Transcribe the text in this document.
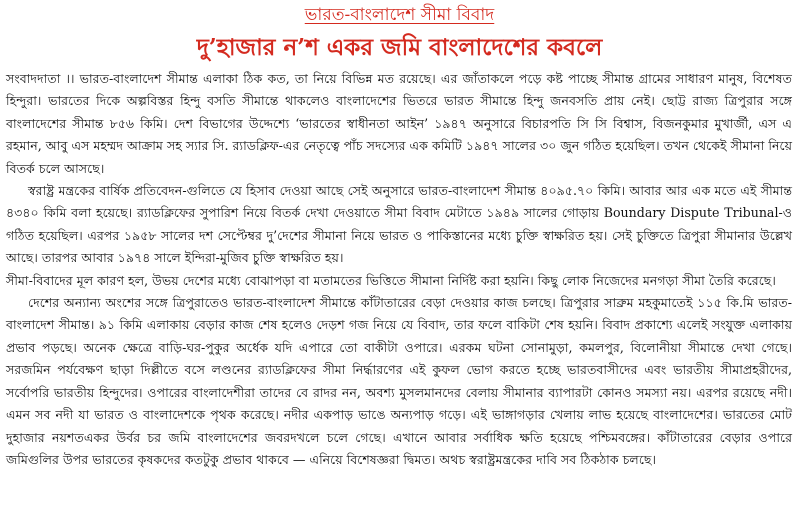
ভারত-বাংলাদেশ সীমা বিবাদ
দু’হাজার ন’শ একর জমি বাংলাদেশের কবলে

সংবাদদাতা ।। ভারত-বাংলাদেশ সীমান্ত এলাকা ঠিক কত, তা নিয়ে বিভিন্ন মত রয়েছে। এর জাঁতাকলে পড়ে কষ্ট পাচ্ছে সীমান্ত গ্রামের সাধারণ মানুষ, বিশেষত হিন্দুরা। ভারতের দিকে অল্পবিস্তর হিন্দু বসতি সীমান্তে থাকলেও বাংলাদেশের ভিতরে ভারত সীমান্তে হিন্দু জনবসতি প্রায় নেই। ছোট্ট রাজ্য ত্রিপুরার সঙ্গে বাংলাদেশের সীমান্ত ৮৫৬ কিমি। দেশ বিভাগের উদ্দেশ্যে ‘ভারতের স্বাধীনতা আইন’ ১৯৪৭ অনুসারে বিচারপতি সি সি বিশ্বাস, বিজনকুমার মুখার্জী, এস এ রহমান, আবু এস মহম্মদ আক্রাম সহ স্যার সি. র‍্যাডক্লিফ-এর নেতৃত্বে পাঁচ সদস্যের এক কমিটি ১৯৪৭ সালের ৩০ জুন গঠিত হয়েছিল। তখন থেকেই সীমানা নিয়ে বিতর্ক চলে আসছে।

স্বরাষ্ট্র মন্ত্রকের বার্ষিক প্রতিবেদন-গুলিতে যে হিসাব দেওয়া আছে সেই অনুসারে ভারত-বাংলাদেশ সীমান্ত ৪০৯৫.৭০ কিমি। আবার আর এক মতে এই সীমান্ত ৪৩৪০ কিমি বলা হয়েছে। র‍্যাডক্লিফের সুপারিশ নিয়ে বিতর্ক দেখা দেওয়াতে সীমা বিবাদ মেটাতে ১৯৪৯ সালের গোড়ায় Boundary Dispute Tribunal-ও গঠিত হয়েছিল। এরপর ১৯৫৮ সালের দশ সেপ্টেম্বর দু’দেশের সীমানা নিয়ে ভারত ও পাকিস্তানের মধ্যে চুক্তি স্বাক্ষরিত হয়। সেই চুক্তিতে ত্রিপুরা সীমানার উল্লেখ আছে। তারপর আবার ১৯৭৪ সালে ইন্দিরা-মুজিব চুক্তি স্বাক্ষরিত হয়।

সীমা-বিবাদের মূল কারণ হল, উভয় দেশের মধ্যে বোঝাপড়া বা মতামতের ভিত্তিতে সীমানা নির্দিষ্ট করা হয়নি। কিছু লোক নিজেদের মনগড়া সীমা তৈরি করেছে।

দেশের অন্যান্য অংশের সঙ্গে ত্রিপুরাতেও ভারত-বাংলাদেশ সীমান্তে কাঁটাতারের বেড়া দেওয়ার কাজ চলছে। ত্রিপুরার সাব্রুম মহকুমাতেই ১১৫ কি.মি ভারত-বাংলাদেশ সীমান্ত। ৯১ কিমি এলাকায় বেড়ার কাজ শেষ হলেও দেড়শ গজ নিয়ে যে বিবাদ, তার ফলে বাকিটা শেষ হয়নি। বিবাদ প্রকাশ্যে এলেই সংযুক্ত এলাকায় প্রভাব পড়ছে। অনেক ক্ষেত্রে বাড়ি-ঘর-পুকুর অর্ধেক যদি এপারে তো বাকীটা ওপারে। এরকম ঘটনা সোনামুড়া, কমলপুর, বিলোনীয়া সীমান্তে দেখা গেছে। সরজমিন পর্যবেক্ষণ ছাড়া দিল্লীতে বসে লণ্ডনের র‍্যাডক্লিফের সীমা নির্দ্ধারণের এই কুফল ভোগ করতে হচ্ছে ভারতবাসীদের এবং ভারতীয় সীমাপ্রহরীদের, সর্বোপরি ভারতীয় হিন্দুদের। ওপারের বাংলাদেশীরা তাদের বে রাদর নন, অবশ্য মুসলমানদের বেলায় সীমানার ব্যাপারটা কোনও সমস্যা নয়। এরপর রয়েছে নদী। এমন সব নদী যা ভারত ও বাংলাদেশকে পৃথক করেছে। নদীর একপাড় ভাঙে অন্যপাড় গড়ে। এই ভাঙ্গাগড়ার খেলায় লাভ হয়েছে বাংলাদেশের। ভারতের মোট দুহাজার নয়শতএকর উর্বর চর জমি বাংলাদেশের জবরদখলে চলে গেছে। এখানে আবার সর্বাধিক ক্ষতি হয়েছে পশ্চিমবঙ্গের। কাঁটাতারের বেড়ার ওপারে জমিগুলির উপর ভারতের কৃষকদের কতটুকু প্রভাব থাকবে — এনিয়ে বিশেষজ্ঞরা দ্বিমত। অথচ স্বরাষ্ট্রমন্ত্রকের দাবি সব ঠিকঠাক চলছে।
